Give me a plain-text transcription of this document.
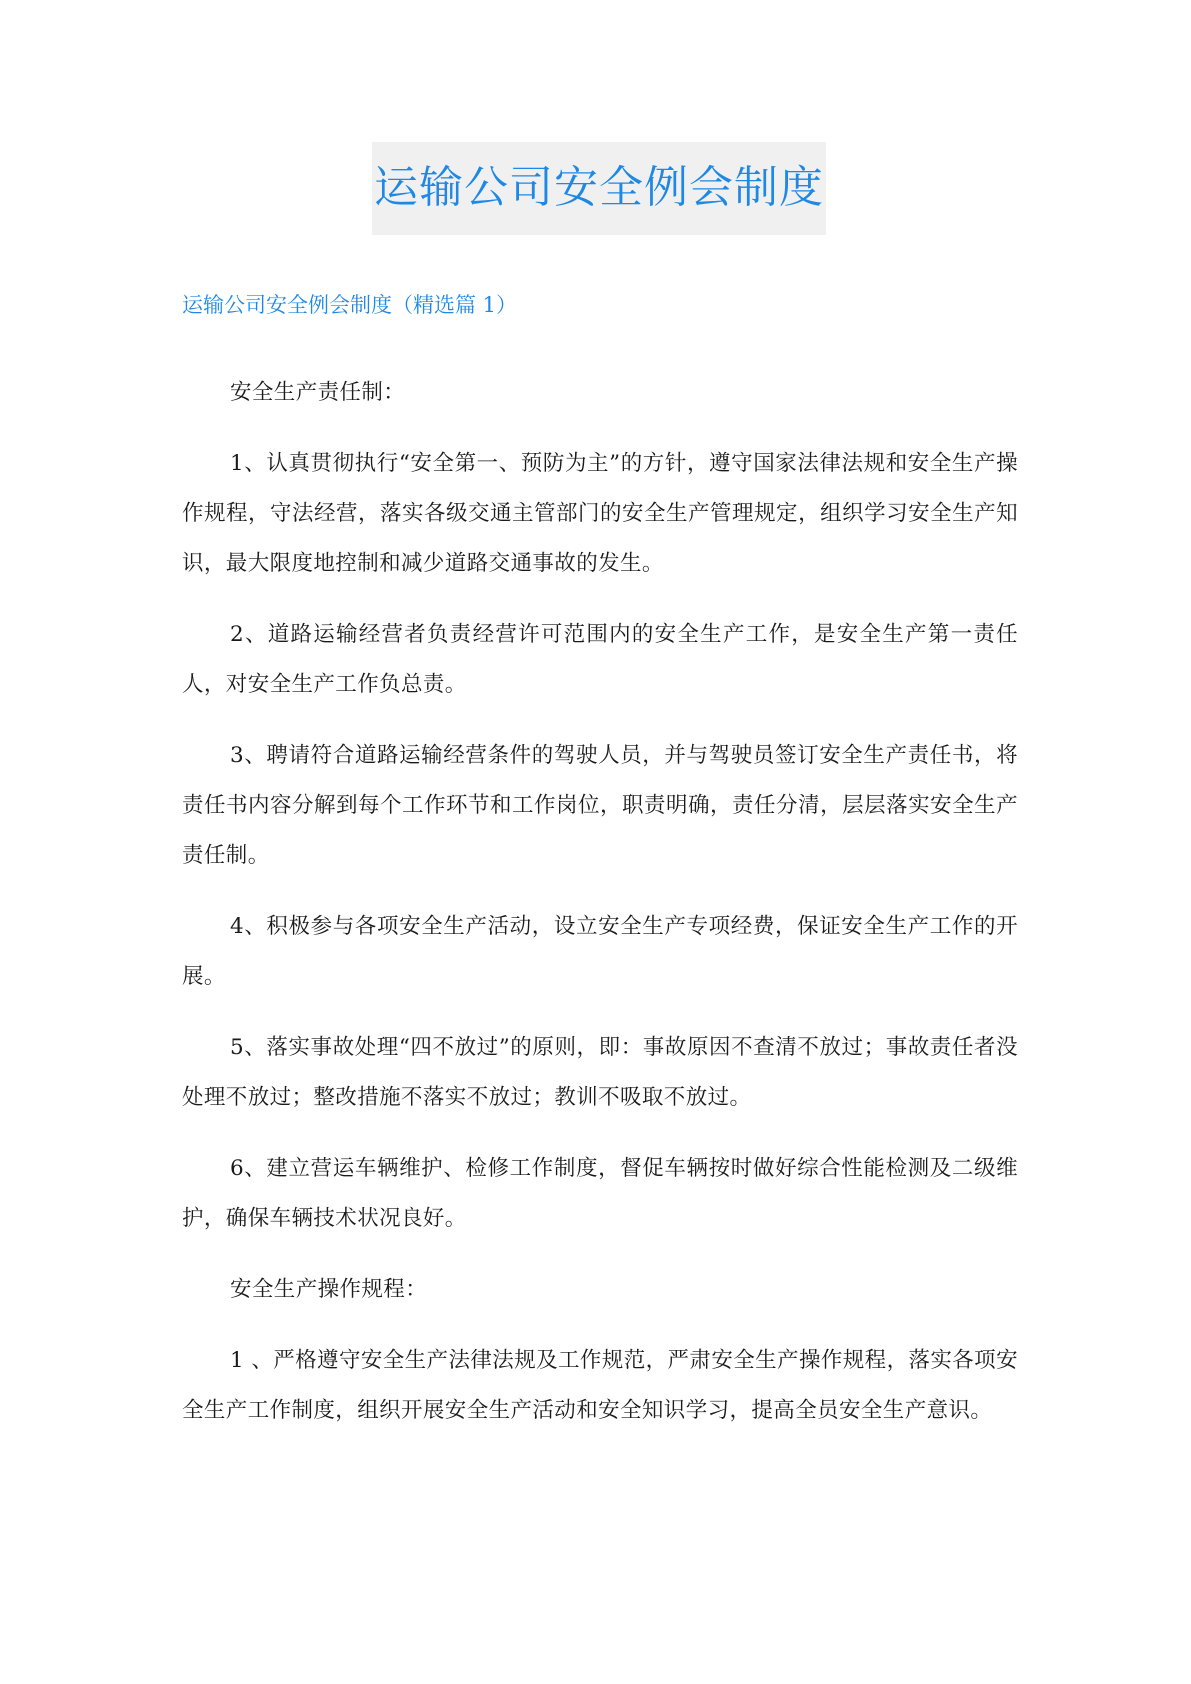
运输公司安全例会制度
运输公司安全例会制度（精选篇 1）

安全生产责任制：

1、认真贯彻执行“安全第一、预防为主”的方针，遵守国家法律法规和安全生产操作规程，守法经营，落实各级交通主管部门的安全生产管理规定，组织学习安全生产知识，最大限度地控制和减少道路交通事故的发生。

2、道路运输经营者负责经营许可范围内的安全生产工作，是安全生产第一责任人，对安全生产工作负总责。

3、聘请符合道路运输经营条件的驾驶人员，并与驾驶员签订安全生产责任书，将责任书内容分解到每个工作环节和工作岗位，职责明确，责任分清，层层落实安全生产责任制。

4、积极参与各项安全生产活动，设立安全生产专项经费，保证安全生产工作的开展。

5、落实事故处理“四不放过”的原则，即：事故原因不查清不放过；事故责任者没处理不放过；整改措施不落实不放过；教训不吸取不放过。

6、建立营运车辆维护、检修工作制度，督促车辆按时做好综合性能检测及二级维护，确保车辆技术状况良好。

安全生产操作规程：

1 、严格遵守安全生产法律法规及工作规范，严肃安全生产操作规程，落实各项安全生产工作制度，组织开展安全生产活动和安全知识学习，提高全员安全生产意识。
